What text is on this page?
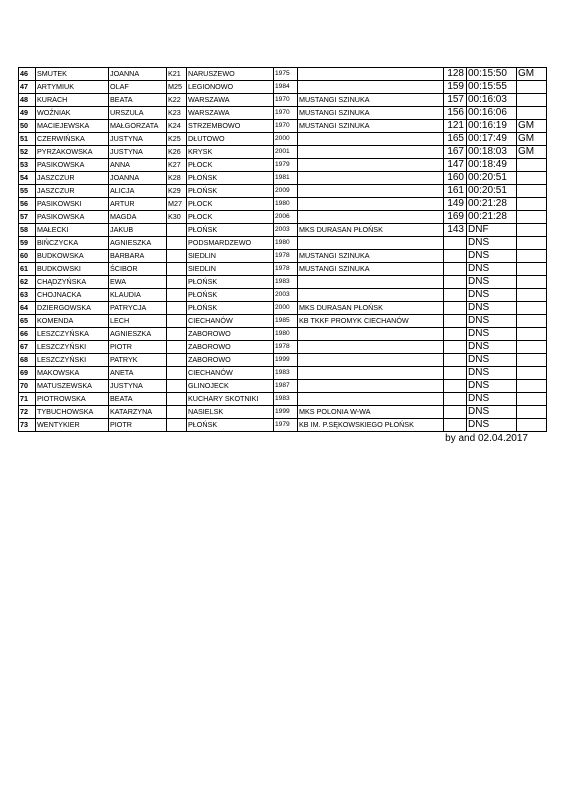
46	SMUTEK	JOANNA	K21	NARUSZEWO	1975		128	00:15:50	GM
47	ARTYMIUK	OLAF	M25	LEGIONOWO	1984		159	00:15:55	
48	KURACH	BEATA	K22	WARSZAWA	1970	MUSTANGI SZINUKA	157	00:16:03	
49	WOŹNIAK	URSZULA	K23	WARSZAWA	1970	MUSTANGI SZINUKA	156	00:16:06	
50	MACIEJEWSKA	MAŁGORZATA	K24	STRZEMBOWO	1970	MUSTANGI SZINUKA	121	00:16:19	GM
51	CZERWIŃSKA	JUSTYNA	K25	DŁUTOWO	2000		165	00:17:49	GM
52	PYRZAKOWSKA	JUSTYNA	K26	KRYSK	2001		167	00:18:03	GM
53	PASIKOWSKA	ANNA	K27	PŁOCK	1979		147	00:18:49	
54	JASZCZUR	JOANNA	K28	PŁOŃSK	1981		160	00:20:51	
55	JASZCZUR	ALICJA	K29	PŁOŃSK	2009		161	00:20:51	
56	PASIKOWSKI	ARTUR	M27	PŁOCK	1980		149	00:21:28	
57	PASIKOWSKA	MAGDA	K30	PŁOCK	2006		169	00:21:28	
58	MAŁECKI	JAKUB		PŁOŃSK	2003	MKS DURASAN PŁOŃSK	143	DNF	
59	BIŃCZYCKA	AGNIESZKA		PODSMARDZEWO	1980			DNS	
60	BUDKOWSKA	BARBARA		SIEDLIN	1978	MUSTANGI SZINUKA		DNS	
61	BUDKOWSKI	ŚCIBOR		SIEDLIN	1978	MUSTANGI SZINUKA		DNS	
62	CHĄDZYŃSKA	EWA		PŁOŃSK	1983			DNS	
63	CHOJNACKA	KLAUDIA		PŁOŃSK	2003			DNS	
64	DZIERGOWSKA	PATRYCJA		PŁOŃSK	2000	MKS DURASAN PŁOŃSK		DNS	
65	KOMENDA	LECH		CIECHANÓW	1985	KB TKKF PROMYK CIECHANÓW		DNS	
66	LESZCZYŃSKA	AGNIESZKA		ZABOROWO	1980			DNS	
67	LESZCZYŃSKI	PIOTR		ZABOROWO	1978			DNS	
68	LESZCZYŃSKI	PATRYK		ZABOROWO	1999			DNS	
69	MAKOWSKA	ANETA		CIECHANÓW	1983			DNS	
70	MATUSZEWSKA	JUSTYNA		GLINOJECK	1987			DNS	
71	PIOTROWSKA	BEATA		KUCHARY SKOTNIKI	1983			DNS	
72	TYBUCHOWSKA	KATARZYNA		NASIELSK	1999	MKS POLONIA W-WA		DNS	
73	WENTYKIER	PIOTR		PŁOŃSK	1979	KB IM. P.SĘKOWSKIEGO PŁOŃSK		DNS	
by and 02.04.2017
